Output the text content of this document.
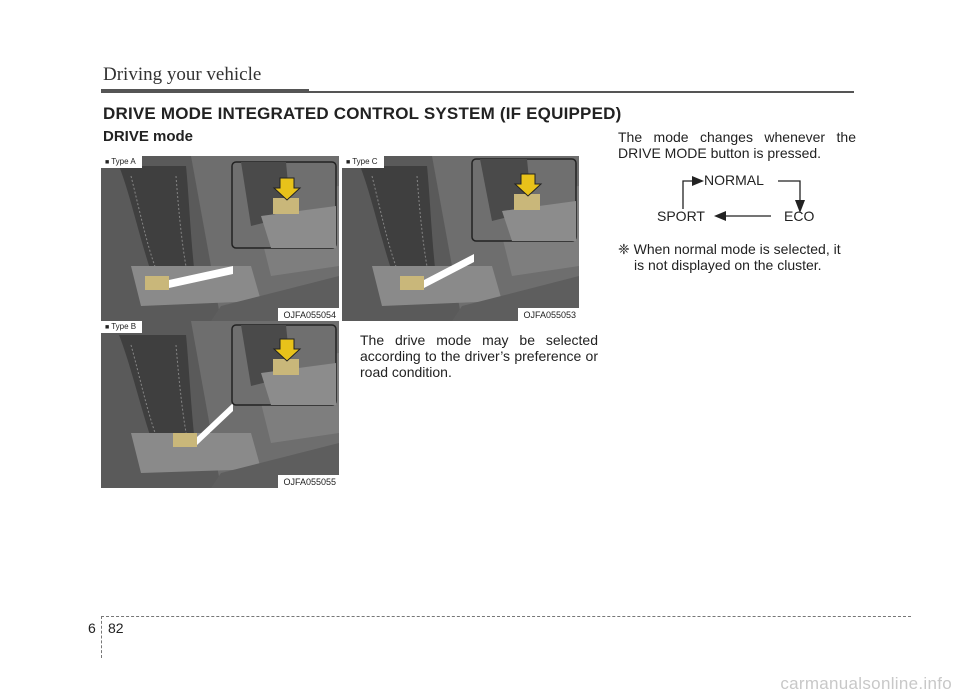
Driving your vehicle
DRIVE MODE INTEGRATED CONTROL SYSTEM (IF EQUIPPED)
DRIVE mode
■ Type A
OJFA055054
■ Type C
OJFA055053
■ Type B
OJFA055055
The drive mode may be selected according to the driver’s preference or road condition.
The mode changes whenever the DRIVE MODE button is pressed.
NORMAL
SPORT	ECO
❈ When normal mode is selected, it
is not displayed on the cluster.
6 82
carmanualsonline.info
